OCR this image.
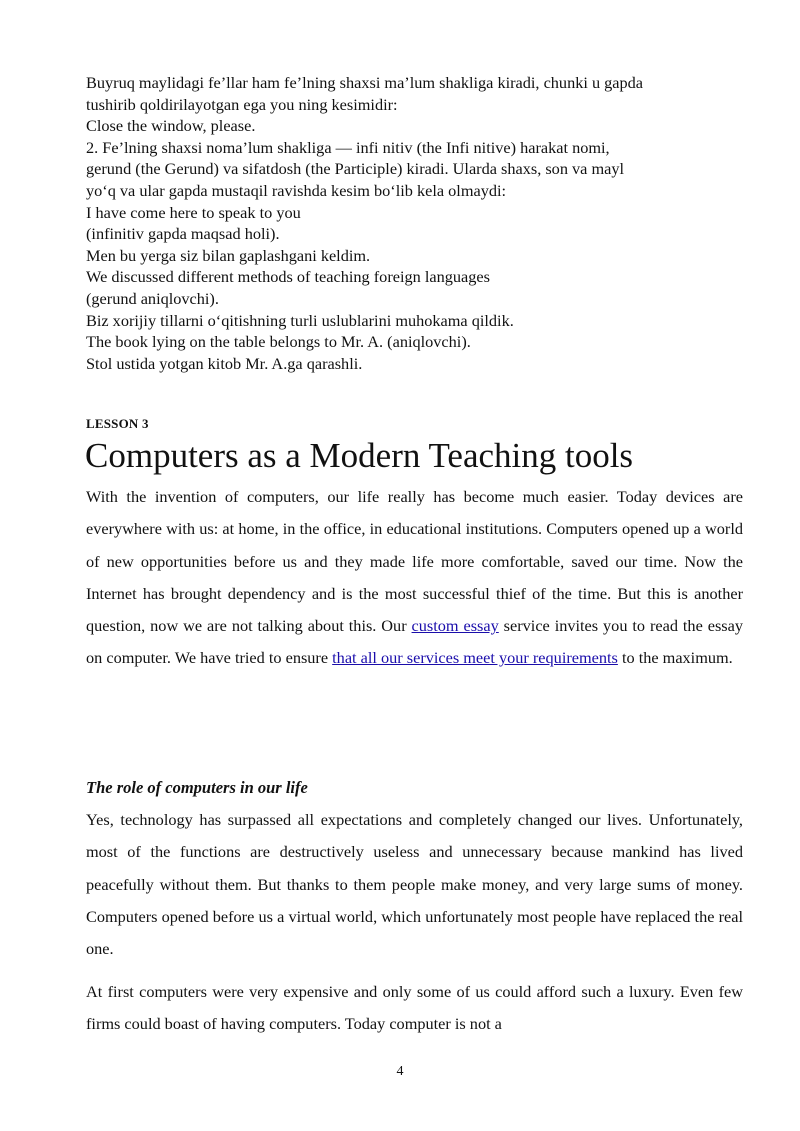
Buyruq maylidagi fe’llar ham fe’lning shaxsi ma’lum shakliga kiradi, chunki u gapda

tushirib qoldirilayotgan ega you ning kesimidir:

Close the window, please.

2. Fe’lning shaxsi noma’lum shakliga — infi nitiv (the Infi nitive) harakat nomi,

gerund (the Gerund) va sifatdosh (the Participle) kiradi. Ularda shaxs, son va mayl

yo‘q va ular gapda mustaqil ravishda kesim bo‘lib kela olmaydi:

I have come here to speak to you

(infinitiv gapda maqsad holi).

Men bu yerga siz bilan gaplashgani keldim.

We discussed different methods of teaching foreign languages

(gerund aniqlovchi).

Biz xorijiy tillarni o‘qitishning turli uslublarini muhokama qildik.

The book lying on the table belongs to Mr. A. (aniqlovchi).

Stol ustida yotgan kitob Mr. A.ga qarashli.

LESSON 3

Computers as a Modern Teaching tools

With the invention of computers, our life really has become much easier. Today devices are everywhere with us: at home, in the office, in educational institutions. Computers opened up a world of new opportunities before us and they made life more comfortable, saved our time. Now the Internet has brought dependency and is the most successful thief of the time. But this is another question, now we are not talking about this. Our custom essay service invites you to read the essay on computer. We have tried to ensure that all our services meet your requirements to the maximum.

The role of computers in our life

Yes, technology has surpassed all expectations and completely changed our lives. Unfortunately, most of the functions are destructively useless and unnecessary because mankind has lived peacefully without them. But thanks to them people make money, and very large sums of money. Computers opened before us a virtual world, which unfortunately most people have replaced the real one.

At first computers were very expensive and only some of us could afford such a luxury. Even few firms could boast of having computers. Today computer is not a

4
